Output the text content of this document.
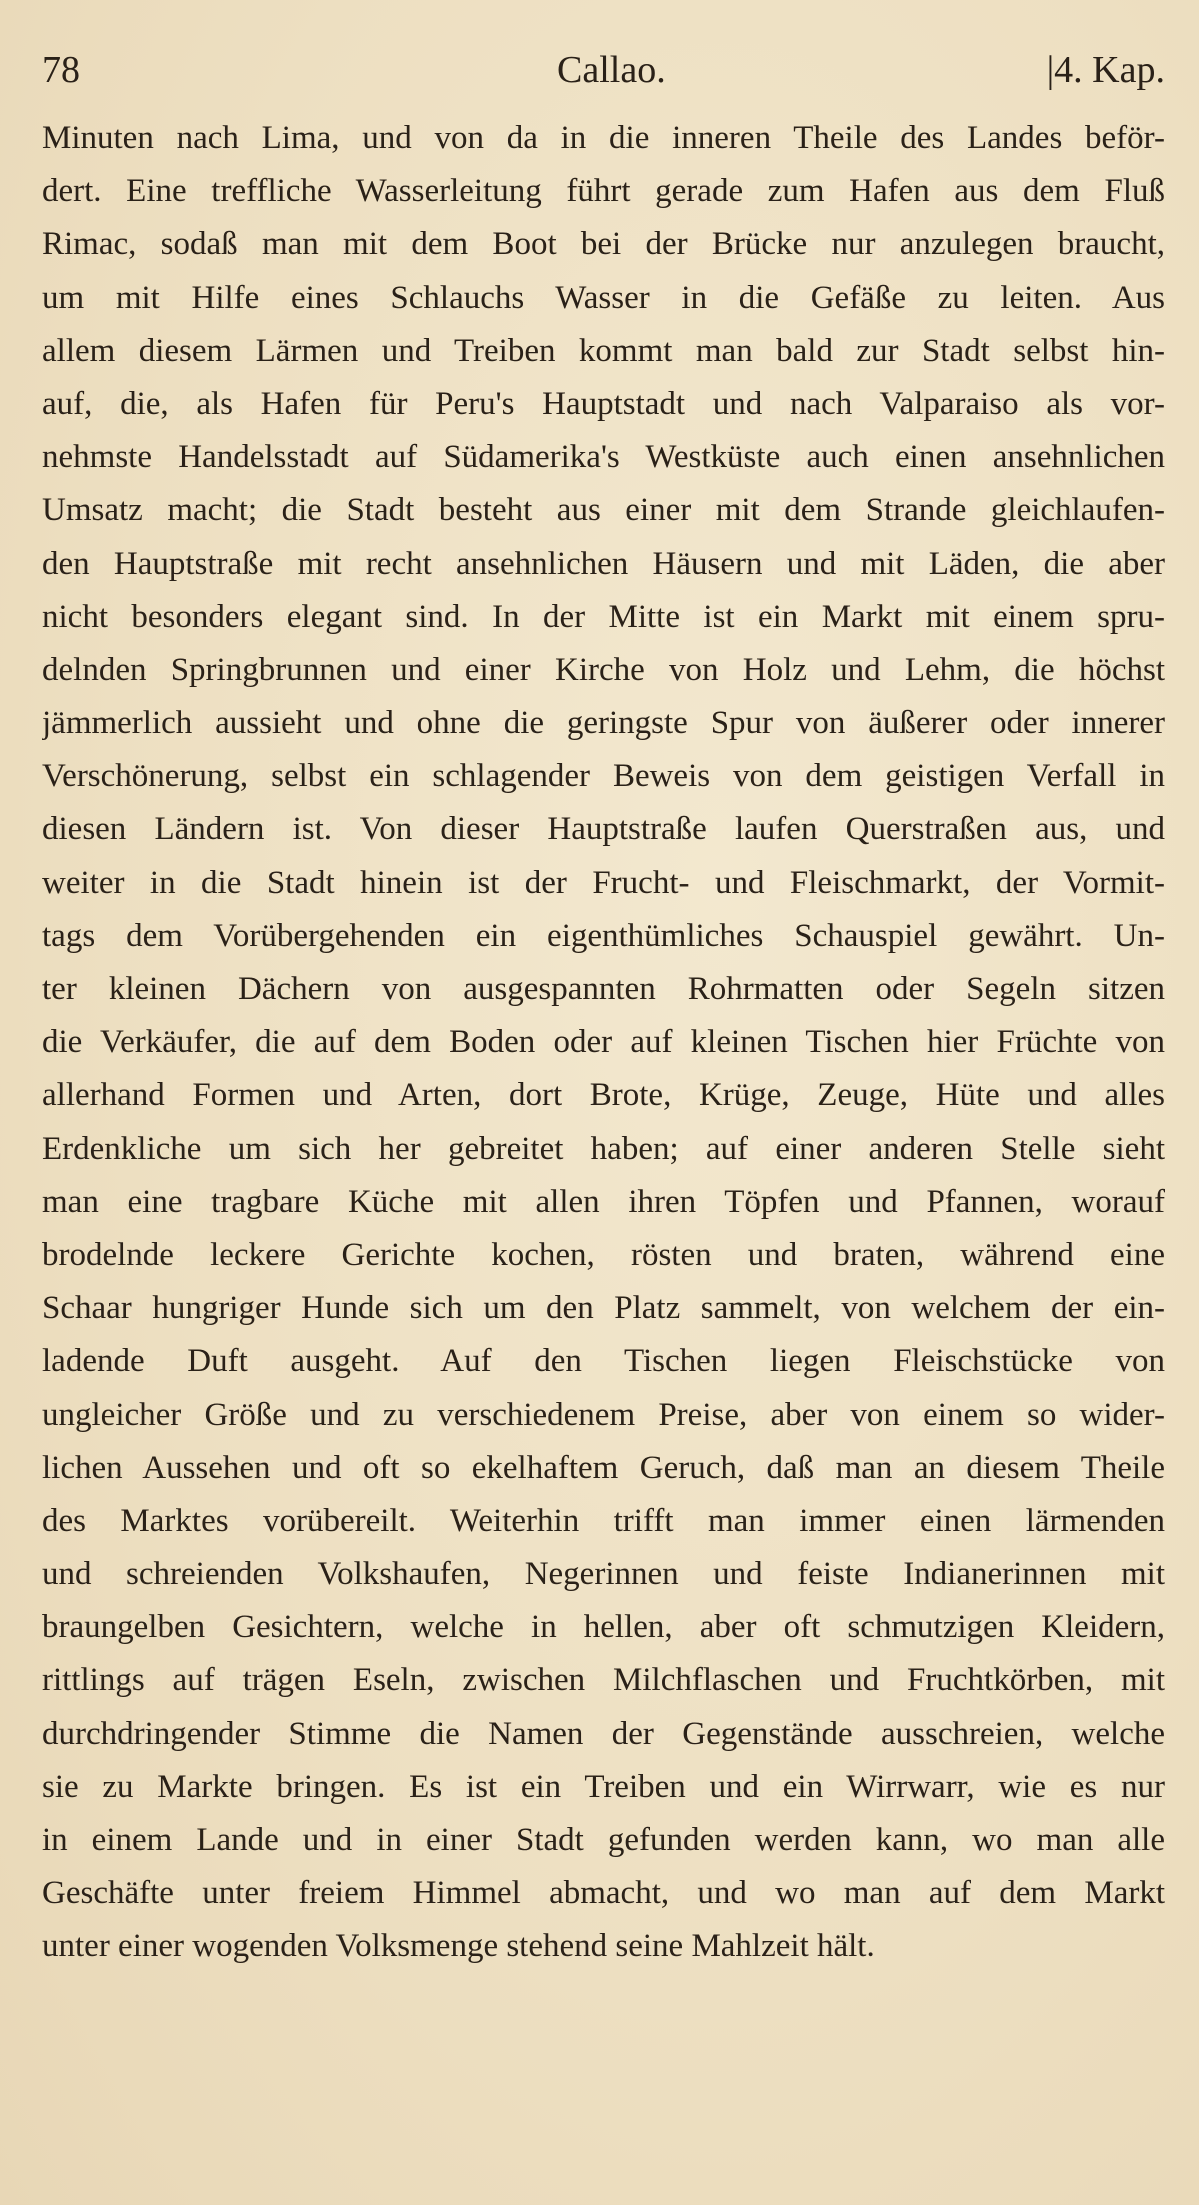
78	Callao.	|4. Kap.
Minuten nach Lima, und von da in die inneren Theile des Landes beför-
dert. Eine treffliche Wasserleitung führt gerade zum Hafen aus dem Fluß
Rimac, sodaß man mit dem Boot bei der Brücke nur anzulegen braucht,
um mit Hilfe eines Schlauchs Wasser in die Gefäße zu leiten. Aus
allem diesem Lärmen und Treiben kommt man bald zur Stadt selbst hin-
auf, die, als Hafen für Peru's Hauptstadt und nach Valparaiso als vor-
nehmste Handelsstadt auf Südamerika's Westküste auch einen ansehnlichen
Umsatz macht; die Stadt besteht aus einer mit dem Strande gleichlaufen-
den Hauptstraße mit recht ansehnlichen Häusern und mit Läden, die aber
nicht besonders elegant sind. In der Mitte ist ein Markt mit einem spru-
delnden Springbrunnen und einer Kirche von Holz und Lehm, die höchst
jämmerlich aussieht und ohne die geringste Spur von äußerer oder innerer
Verschönerung, selbst ein schlagender Beweis von dem geistigen Verfall in
diesen Ländern ist. Von dieser Hauptstraße laufen Querstraßen aus, und
weiter in die Stadt hinein ist der Frucht- und Fleischmarkt, der Vormit-
tags dem Vorübergehenden ein eigenthümliches Schauspiel gewährt. Un-
ter kleinen Dächern von ausgespannten Rohrmatten oder Segeln sitzen
die Verkäufer, die auf dem Boden oder auf kleinen Tischen hier Früchte von
allerhand Formen und Arten, dort Brote, Krüge, Zeuge, Hüte und alles
Erdenkliche um sich her gebreitet haben; auf einer anderen Stelle sieht
man eine tragbare Küche mit allen ihren Töpfen und Pfannen, worauf
brodelnde leckere Gerichte kochen, rösten und braten, während eine
Schaar hungriger Hunde sich um den Platz sammelt, von welchem der ein-
ladende Duft ausgeht. Auf den Tischen liegen Fleischstücke von
ungleicher Größe und zu verschiedenem Preise, aber von einem so wider-
lichen Aussehen und oft so ekelhaftem Geruch, daß man an diesem Theile
des Marktes vorübereilt. Weiterhin trifft man immer einen lärmenden
und schreienden Volkshaufen, Negerinnen und feiste Indianerinnen mit
braungelben Gesichtern, welche in hellen, aber oft schmutzigen Kleidern,
rittlings auf trägen Eseln, zwischen Milchflaschen und Fruchtkörben, mit
durchdringender Stimme die Namen der Gegenstände ausschreien, welche
sie zu Markte bringen. Es ist ein Treiben und ein Wirrwarr, wie es nur
in einem Lande und in einer Stadt gefunden werden kann, wo man alle
Geschäfte unter freiem Himmel abmacht, und wo man auf dem Markt
unter einer wogenden Volksmenge stehend seine Mahlzeit hält.
